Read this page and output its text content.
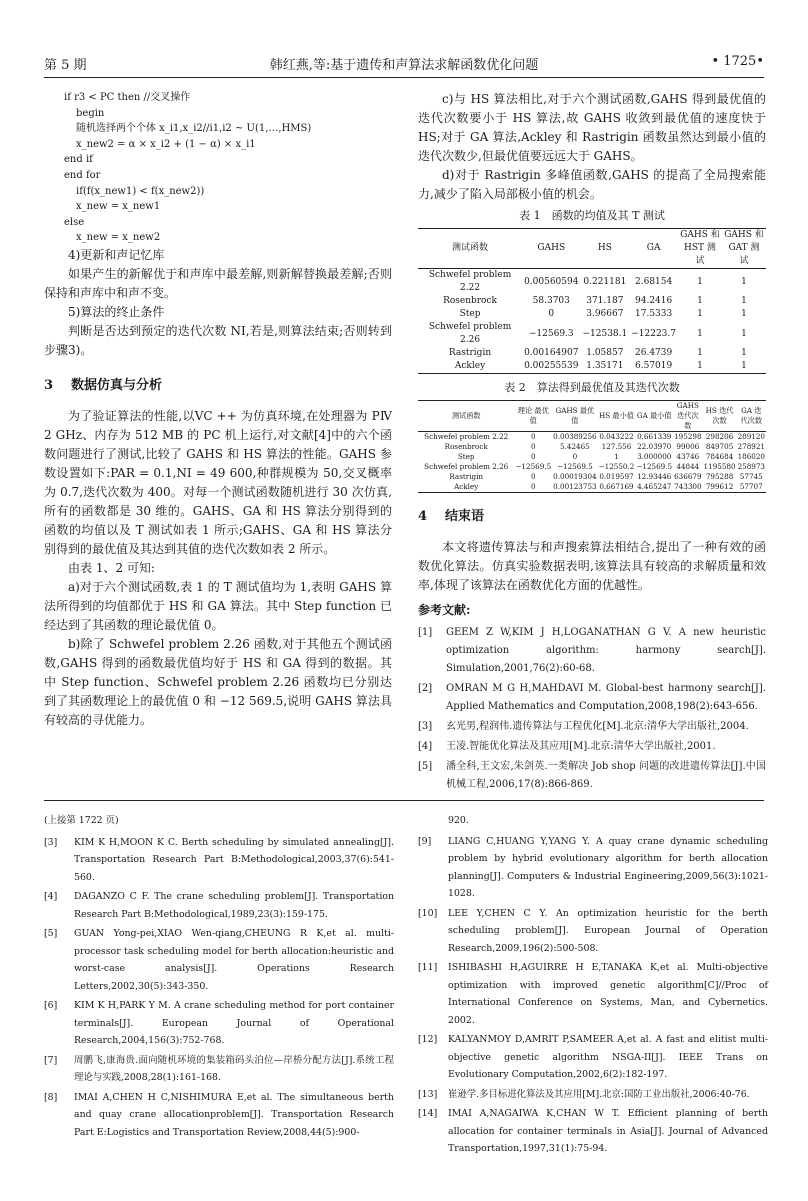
第 5 期	韩红燕,等:基于遗传和声算法求解函数优化问题	• 1725•
if r3 < PC then //交叉操作
begin
随机选择两个个体 x_i1,x_i2//i1,i2 ~ U(1,…,HMS)
x_new2 = α × x_i2 + (1 − α) × x_i1
end if
end for
if(f(x_new1) < f(x_new2))
x_new = x_new1
else
x_new = x_new2
4)更新和声记忆库

如果产生的新解优于和声库中最差解,则新解替换最差解;否则保持和声库中和声不变。

5)算法的终止条件

判断是否达到预定的迭代次数 NI,若是,则算法结束;否则转到步骤3)。

3 数据仿真与分析

为了验证算法的性能,以VC ++ 为仿真环境,在处理器为 PⅣ 2 GHz、内存为 512 MB 的 PC 机上运行,对文献[4]中的六个函数问题进行了测试,比较了 GAHS 和 HS 算法的性能。GAHS 参数设置如下:PAR = 0.1,NI = 49 600,种群规模为 50,交叉概率为 0.7,迭代次数为 400。对每一个测试函数随机进行 30 次仿真,所有的函数都是 30 维的。GAHS、GA 和 HS 算法分别得到的函数的均值以及 T 测试如表 1 所示;GAHS、GA 和 HS 算法分别得到的最优值及其达到其值的迭代次数如表 2 所示。

由表 1、2 可知:

a)对于六个测试函数,表 1 的 T 测试值均为 1,表明 GAHS 算法所得到的均值都优于 HS 和 GA 算法。其中 Step function 已经达到了其函数的理论最优值 0。

b)除了 Schwefel problem 2.26 函数,对于其他五个测试函数,GAHS 得到的函数最优值均好于 HS 和 GA 得到的数据。其中 Step function、Schwefel problem 2.26 函数均已分别达到了其函数理论上的最优值 0 和 −12 569.5,说明 GAHS 算法具有较高的寻优能力。

c)与 HS 算法相比,对于六个测试函数,GAHS 得到最优值的迭代次数要小于 HS 算法,故 GAHS 收敛到最优值的速度快于 HS;对于 GA 算法,Ackley 和 Rastrigin 函数虽然达到最小值的迭代次数少,但最优值要远远大于 GAHS。

d)对于 Rastrigin 多峰值函数,GAHS 的提高了全局搜索能力,减少了陷入局部极小值的机会。

表 1　函数的均值及其 T 测试
测试函数	GAHS	HS	GA	GAHS 和 HST 测试	GAHS 和 GAT 测试
Schwefel problem 2.22	0.00560594	0.221181	2.68154	1	1
Rosenbrock	58.3703	371.187	94.2416	1	1
Step	0	3.96667	17.5333	1	1
Schwefel problem 2.26	−12569.3	−12538.1	−12223.7	1	1
Rastrigin	0.00164907	1.05857	26.4739	1	1
Ackley	0.00255539	1.35171	6.57019	1	1
表 2　算法得到最优值及其迭代次数
测试函数	理论 最优值	GAHS 最优值	HS 最小值	GA 最小值	GAHS 迭代次数	HS 迭代次数	GA 迭代次数
Schwefel problem 2.22	0	0.00389256	0.043222	0.661339	195298	298206	289120
Rosenbrock	0	5.42465	127.556	22.03970	99006	849705	278921
Step	0	0	1	3.000000	43746	784684	186020
Schwefel problem 2.26	−12569.5	−12569.5	−12550.2	−12569.5	44844	1195580	258973
Rastrigin	0	0.00019304	0.019597	12.93446	636679	795288	57745
Ackley	0	0.00123753	0.667169	4.465247	743300	799612	57707
4 结束语

本文将遗传算法与和声搜索算法相结合,提出了一种有效的函数优化算法。仿真实验数据表明,该算法具有较高的求解质量和效率,体现了该算法在函数优化方面的优越性。

参考文献:
[1]	GEEM Z W,KIM J H,LOGANATHAN G V. A new heuristic optimization algorithm: harmony search[J]. Simulation,2001,76(2):60-68.
[2]	OMRAN M G H,MAHDAVI M. Global-best harmony search[J]. Applied Mathematics and Computation,2008,198(2):643-656.
[3]	玄光男,程润伟.遗传算法与工程优化[M].北京:清华大学出版社,2004.
[4]	王凌.智能优化算法及其应用[M].北京:清华大学出版社,2001.
[5]	潘全科,王文宏,朱剑英.一类解决 Job shop 问题的改进遗传算法[J].中国机械工程,2006,17(8):866-869.
(上接第 1722 页)
[3]	KIM K H,MOON K C. Berth scheduling by simulated annealing[J]. Transportation Research Part B:Methodological,2003,37(6):541-560.
[4]	DAGANZO C F. The crane scheduling problem[J]. Transportation Research Part B:Methodological,1989,23(3):159-175.
[5]	GUAN Yong-pei,XIAO Wen-qiang,CHEUNG R K,et al. multi-processor task scheduling model for berth allocation:heuristic and worst-case analysis[J]. Operations Research Letters,2002,30(5):343-350.
[6]	KIM K H,PARK Y M. A crane scheduling method for port container terminals[J]. European Journal of Operational Research,2004,156(3):752-768.
[7]	周鹏飞,康海贵.面向随机环境的集装箱码头泊位—岸桥分配方法[J].系统工程理论与实践,2008,28(1):161-168.
[8]	IMAI A,CHEN H C,NISHIMURA E,et al. The simultaneous berth and quay crane allocationproblem[J]. Transportation Research Part E:Logistics and Transportation Review,2008,44(5):900-
920.
[9]	LIANG C,HUANG Y,YANG Y. A quay crane dynamic scheduling problem by hybrid evolutionary algorithm for berth allocation planning[J]. Computers & Industrial Engineering,2009,56(3):1021-1028.
[10]	LEE Y,CHEN C Y. An optimization heuristic for the berth scheduling problem[J]. European Journal of Operation Research,2009,196(2):500-508.
[11]	ISHIBASHI H,AGUIRRE H E,TANAKA K,et al. Multi-objective optimization with improved genetic algorithm[C]//Proc of International Conference on Systems, Man, and Cybernetics. 2002.
[12]	KALYANMOY D,AMRIT P,SAMEER A,et al. A fast and elitist multi-objective genetic algorithm NSGA-II[J]. IEEE Trans on Evolutionary Computation,2002,6(2):182-197.
[13]	崔逊学.多目标进化算法及其应用[M].北京:国防工业出版社,2006:40-76.
[14]	IMAI A,NAGAIWA K,CHAN W T. Efficient planning of berth allocation for container terminals in Asia[J]. Journal of Advanced Transportation,1997,31(1):75-94.
